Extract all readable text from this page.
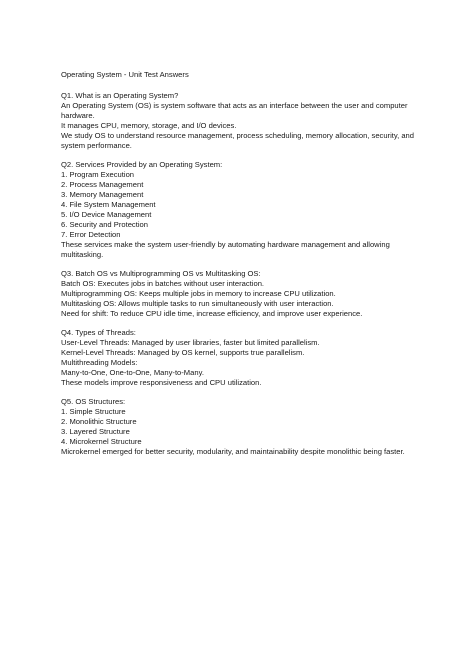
Operating System - Unit Test Answers
Q1. What is an Operating System?
An Operating System (OS) is system software that acts as an interface between the user and computer hardware.
It manages CPU, memory, storage, and I/O devices.
We study OS to understand resource management, process scheduling, memory allocation, security, and system performance.
Q2. Services Provided by an Operating System:
1. Program Execution
2. Process Management
3. Memory Management
4. File System Management
5. I/O Device Management
6. Security and Protection
7. Error Detection
These services make the system user-friendly by automating hardware management and allowing multitasking.
Q3. Batch OS vs Multiprogramming OS vs Multitasking OS:
Batch OS: Executes jobs in batches without user interaction.
Multiprogramming OS: Keeps multiple jobs in memory to increase CPU utilization.
Multitasking OS: Allows multiple tasks to run simultaneously with user interaction.
Need for shift: To reduce CPU idle time, increase efficiency, and improve user experience.
Q4. Types of Threads:
User-Level Threads: Managed by user libraries, faster but limited parallelism.
Kernel-Level Threads: Managed by OS kernel, supports true parallelism.
Multithreading Models:
Many-to-One, One-to-One, Many-to-Many.
These models improve responsiveness and CPU utilization.
Q5. OS Structures:
1. Simple Structure
2. Monolithic Structure
3. Layered Structure
4. Microkernel Structure
Microkernel emerged for better security, modularity, and maintainability despite monolithic being faster.
